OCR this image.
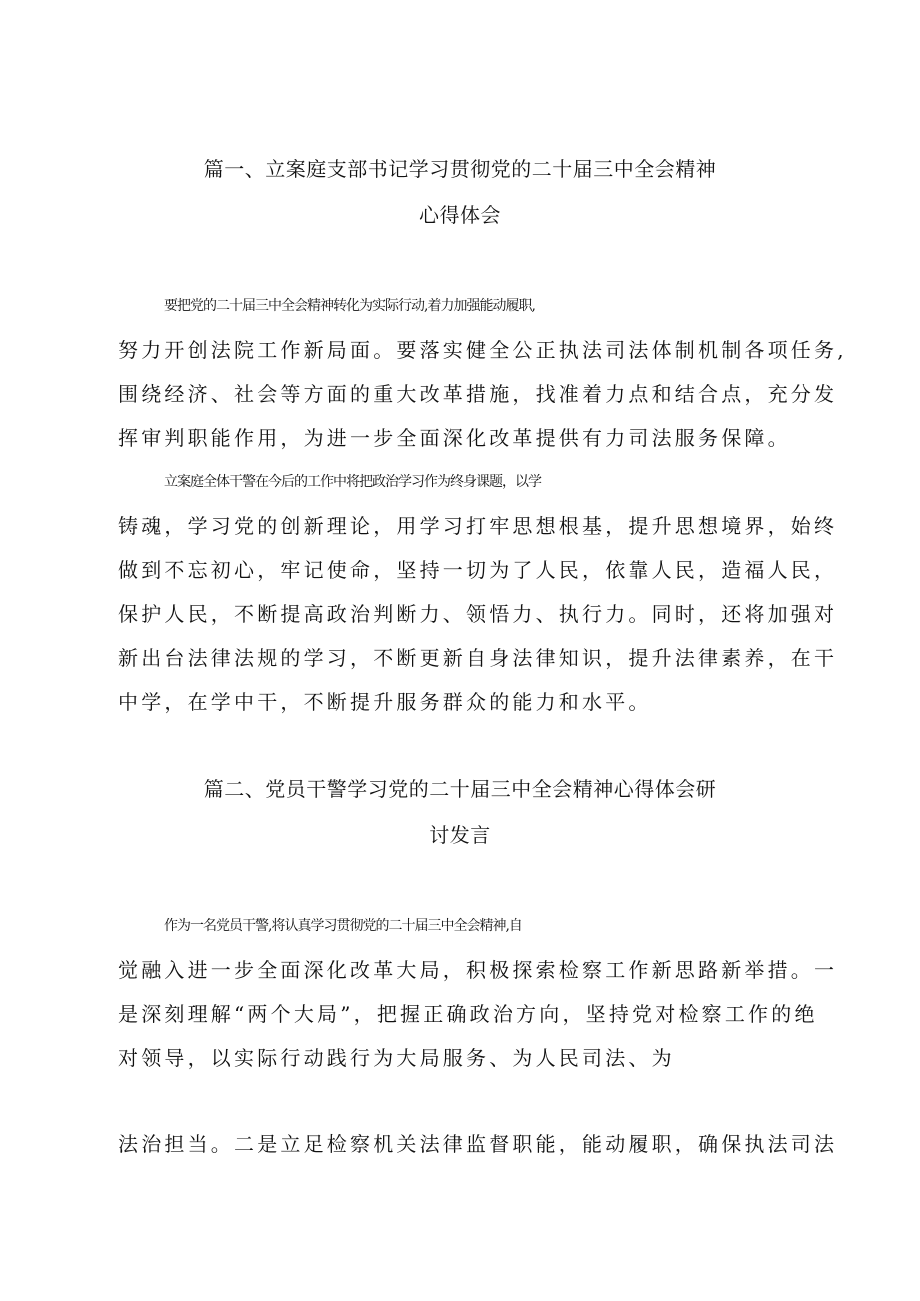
篇一、立案庭支部书记学习贯彻党的二十届三中全会精神
心得体会
要把党的二十届三中全会精神转化为实际行动,着力加强能动履职,
努力开创法院工作新局面。要落实健全公正执法司法体制机制各项任务,
围绕经济、社会等方面的重大改革措施，找准着力点和结合点，充分发
挥审判职能作用，为进一步全面深化改革提供有力司法服务保障。
立案庭全体干警在今后的工作中将把政治学习作为终身课题，以学
铸魂，学习党的创新理论，用学习打牢思想根基，提升思想境界，始终
做到不忘初心，牢记使命，坚持一切为了人民，依靠人民，造福人民，
保护人民，不断提高政治判断力、领悟力、执行力。同时，还将加强对
新出台法律法规的学习，不断更新自身法律知识，提升法律素养，在干
中学，在学中干，不断提升服务群众的能力和水平。
篇二、党员干警学习党的二十届三中全会精神心得体会研
讨发言
作为一名党员干警,将认真学习贯彻党的二十届三中全会精神,自
觉融入进一步全面深化改革大局，积极探索检察工作新思路新举措。一
是深刻理解“两个大局”，把握正确政治方向，坚持党对检察工作的绝
对领导，以实际行动践行为大局服务、为人民司法、为
法治担当。二是立足检察机关法律监督职能，能动履职，确保执法司法
